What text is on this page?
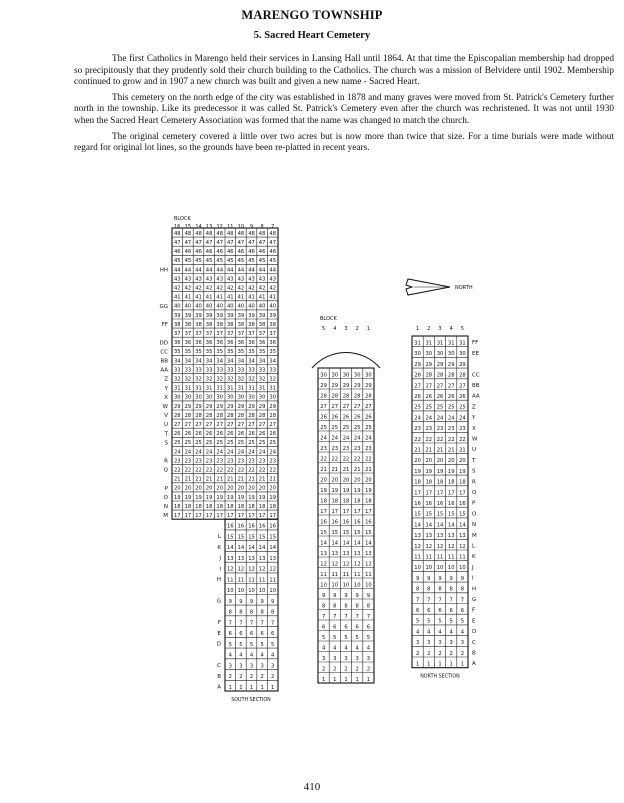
MARENGO TOWNSHIP
5. Sacred Heart Cemetery

The first Catholics in Marengo held their services in Lansing Hall until 1864. At that time the Episcopalian membership had dropped so precipitously that they prudently sold their church building to the Catholics. The church was a mission of Belvidere until 1902. Membership continued to grow and in 1907 a new church was built and given a new name - Sacred Heart.

This cemetery on the north edge of the city was established in 1878 and many graves were moved from St. Patrick's Cemetery further north in the township. Like its predecessor it was called St. Patrick's Cemetery even after the church was rechristened. It was not until 1930 when the Sacred Heart Cemetery Association was formed that the name was changed to match the church.

The original cemetery covered a little over two acres but is now more than twice that size. For a time burials were made without regard for original lot lines, so the grounds have been re-platted in recent years.

BLOCK
16 15 14 13 12 11 10 9 8 7
48 48 48 48 48 48 48 48 48 48
47 47 47 47 47 47 47 47 47 47
46 46 46 46 46 46 46 46 46 46
45 45 45 45 45 45 45 45 45 45
44 44 44 44 44 44 44 44 44 44
43 43 43 43 43 43 43 43 43 43
42 42 42 42 42 42 42 42 42 42
41 41 41 41 41 41 41 41 41 41
40 40 40 40 40 40 40 40 40 40
39 39 39 39 39 39 39 39 39 39
38 38 38 38 38 38 38 38 38 38
37 37 37 37 37 37 37 37 37 37
36 36 36 36 36 36 36 36 36 36
35 35 35 35 35 35 35 35 35 35
34 34 34 34 34 34 34 34 34 34
33 33 33 33 33 33 33 33 33 33
32 32 32 32 32 32 32 32 32 32
31 31 31 31 31 31 31 31 31 31
30 30 30 30 30 30 30 30 30 30
29 29 29 29 29 29 29 29 29 29
28 28 28 28 28 28 28 28 28 28
27 27 27 27 27 27 27 27 27 27
26 26 26 26 26 26 26 26 26 26
25 25 25 25 25 25 25 25 25 25
24 24 24 24 24 24 24 24 24 24
23 23 23 23 23 23 23 23 23 23
22 22 22 22 22 22 22 22 22 22
21 21 21 21 21 21 21 21 21 21
20 20 20 20 20 20 20 20 20 20
19 19 19 19 19 19 19 19 19 19
18 18 18 18 18 18 18 18 18 18
17 17 17 17 17 17 17 17 17 17
HH
GG
FF
DD
CC
BB
AA
Z
Y
X
W
V
U
T
S
R
Q
P
O
N
M
16 16 16 16 16
15 15 15 15 15
14 14 14 14 14
13 13 13 13 13
12 12 12 12 12
11 11 11 11 11
10 10 10 10 10
9 9 9 9 9
8 8 8 8 8
7 7 7 7 7
6 6 6 6 6
5 5 5 5 5
4 4 4 4 4
3 3 3 3 3
2 2 2 2 2
1 1 1 1 1
L
K
J
I
H
G
F
E
D
C
B
A
SOUTH SECTION
BLOCK
5 4 3 2 1
30 30 30 30 30
29 29 29 29 29
28 28 28 28 28
27 27 27 27 27
26 26 26 26 26
25 25 25 25 25
24 24 24 24 24
23 23 23 23 23
22 22 22 22 22
21 21 21 21 21
20 20 20 20 20
19 19 19 19 19
18 18 18 18 18
17 17 17 17 17
16 16 16 16 16
15 15 15 15 15
14 14 14 14 14
13 13 13 13 13
12 12 12 12 12
11 11 11 11 11
10 10 10 10 10
9 9 9 9 9
8 8 8 8 8
7 7 7 7 7
6 6 6 6 6
5 5 5 5 5
4 4 4 4 4
3 3 3 3 3
2 2 2 2 2
1 1 1 1 1
1 2 3 4 5
31 31 31 31 31
30 30 30 30 30
29 29 29 29 29
28 28 28 28 28
27 27 27 27 27
26 26 26 26 26
25 25 25 25 25
24 24 24 24 24
23 23 23 23 23
22 22 22 22 22
21 21 21 21 21
20 20 20 20 20
19 19 19 19 19
18 18 18 18 18
17 17 17 17 17
16 16 16 16 16
15 15 15 15 15
14 14 14 14 14
13 13 13 13 13
12 12 12 12 12
11 11 11 11 11
10 10 10 10 10
9 9 9 9 9
8 8 8 8 8
7 7 7 7 7
6 6 6 6 6
5 5 5 5 5
4 4 4 4 4
3 3 3 3 3
2 2 2 2 2
1 1 1 1 1
FF
EE
CC
BB
AA
Z
Y
X
W
U
T
S
R
Q
P
O
N
M
L
K
J
I
H
G
F
E
D
C
B
A
NORTH SECTION
NORTH
410
